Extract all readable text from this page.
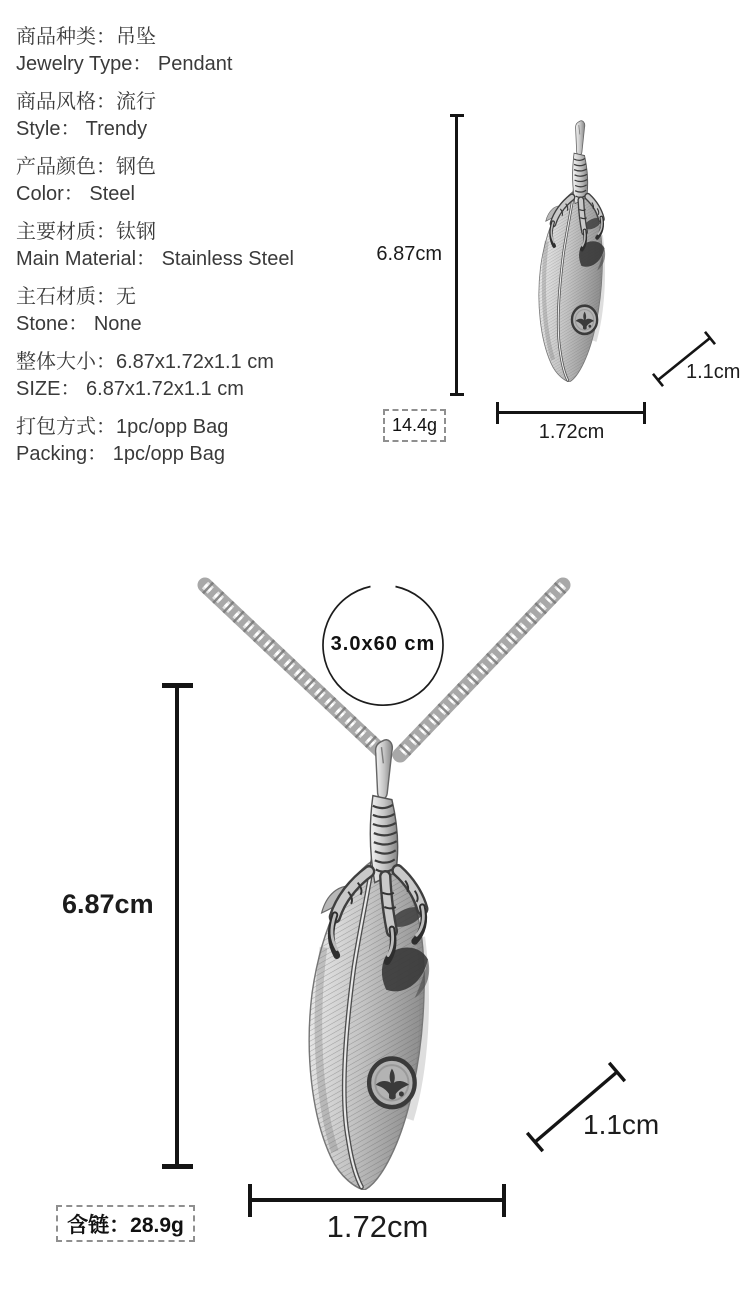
商品种类：吊坠
Jewelry Type： Pendant
商品风格：流行
Style： Trendy
产品颜色：钢色
Color： Steel
主要材质：钛钢
Main Material： Stainless Steel
主石材质：无
Stone： None
整体大小：6.87x1.72x1.1 cm
SIZE： 6.87x1.72x1.1 cm
打包方式：1pc/opp Bag
Packing： 1pc/opp Bag
6.87cm
1.1cm
1.72cm
14.4g
3.0x60 cm
6.87cm
1.1cm
1.72cm
含链：28.9g
